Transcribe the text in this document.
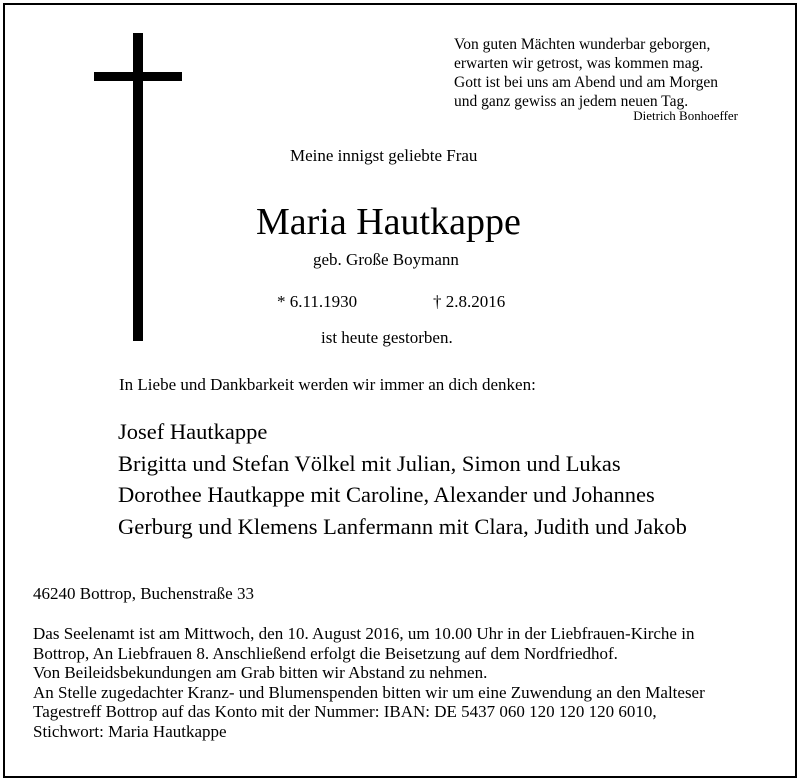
Von guten Mächten wunderbar geborgen,
erwarten wir getrost, was kommen mag.
Gott ist bei uns am Abend und am Morgen
und ganz gewiss an jedem neuen Tag.
Dietrich Bonhoeffer
Meine innigst geliebte Frau
Maria Hautkappe
geb. Große Boymann
* 6.11.1930	† 2.8.2016
ist heute gestorben.
In Liebe und Dankbarkeit werden wir immer an dich denken:
Josef Hautkappe
Brigitta und Stefan Völkel mit Julian, Simon und Lukas
Dorothee Hautkappe mit Caroline, Alexander und Johannes
Gerburg und Klemens Lanfermann mit Clara, Judith und Jakob
46240 Bottrop, Buchenstraße 33
Das Seelenamt ist am Mittwoch, den 10. August 2016, um 10.00 Uhr in der Liebfrauen-Kirche in
Bottrop, An Liebfrauen 8. Anschließend erfolgt die Beisetzung auf dem Nordfriedhof.
Von Beileidsbekundungen am Grab bitten wir Abstand zu nehmen.
An Stelle zugedachter Kranz- und Blumenspenden bitten wir um eine Zuwendung an den Malteser
Tagestreff Bottrop auf das Konto mit der Nummer: IBAN: DE 5437 060 120 120 120 6010,
Stichwort: Maria Hautkappe
